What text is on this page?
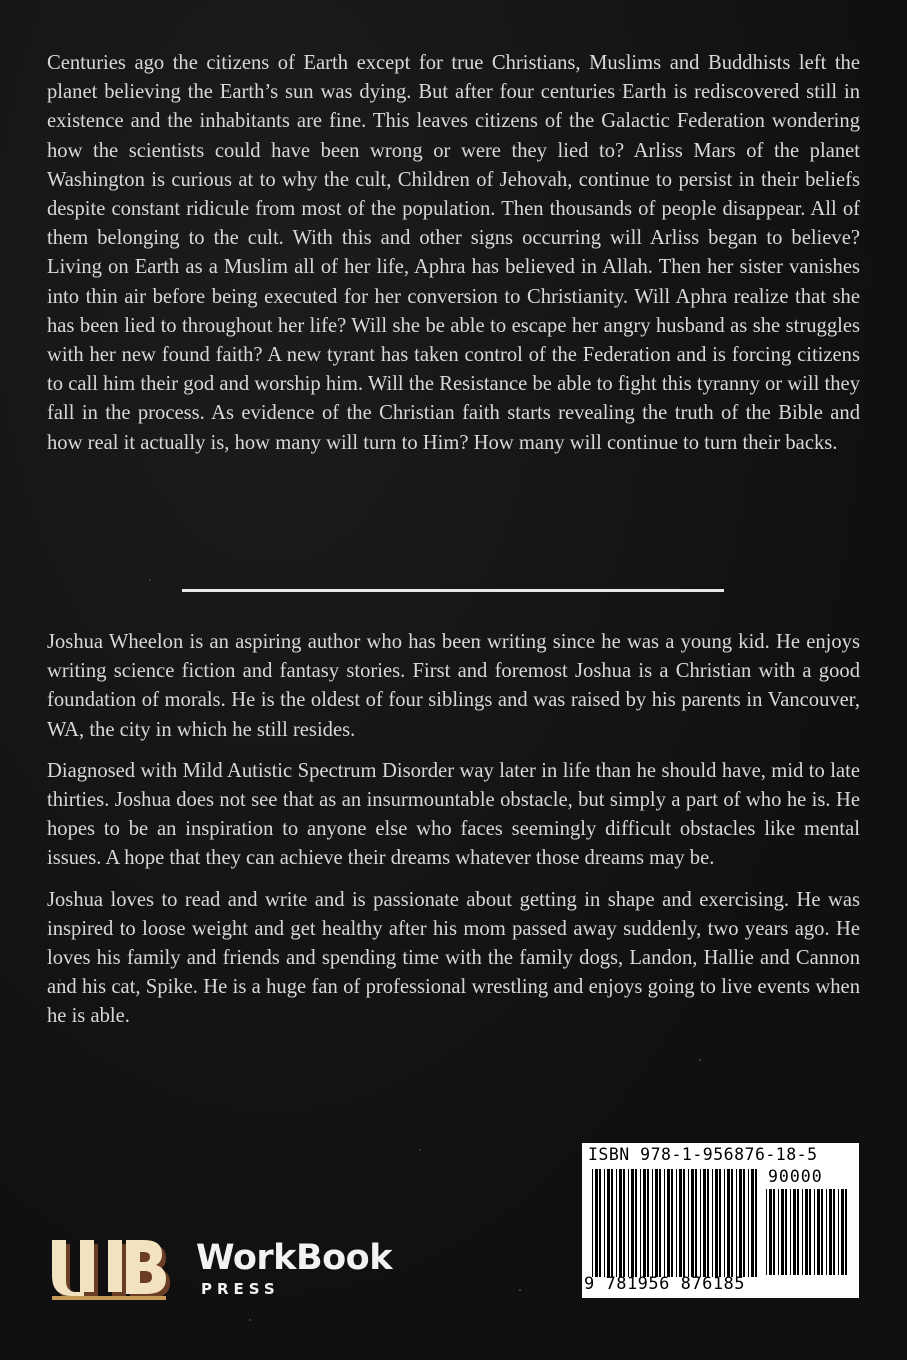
Centuries ago the citizens of Earth except for true Christians, Muslims and Buddhists left the planet believing the Earth’s sun was dying. But after four centuries Earth is rediscovered still in existence and the inhabitants are fine. This leaves citizens of the Galactic Federation wondering how the scientists could have been wrong or were they lied to? Arliss Mars of the planet Washington is curious at to why the cult, Children of Jehovah, continue to persist in their beliefs despite constant ridicule from most of the population. Then thousands of people disappear. All of them belonging to the cult. With this and other signs occurring will Arliss began to believe? Living on Earth as a Muslim all of her life, Aphra has believed in Allah. Then her sister vanishes into thin air before being executed for her conversion to Christianity. Will Aphra realize that she has been lied to throughout her life? Will she be able to escape her angry husband as she struggles with her new found faith? A new tyrant has taken control of the Federation and is forcing citizens to call him their god and worship him. Will the Resistance be able to fight this tyranny or will they fall in the process. As evidence of the Christian faith starts revealing the truth of the Bible and how real it actually is, how many will turn to Him? How many will continue to turn their backs.

Joshua Wheelon is an aspiring author who has been writing since he was a young kid. He enjoys writing science fiction and fantasy stories. First and foremost Joshua is a Christian with a good foundation of morals. He is the oldest of four siblings and was raised by his parents in Vancouver, WA, the city in which he still resides.

Diagnosed with Mild Autistic Spectrum Disorder way later in life than he should have, mid to late thirties. Joshua does not see that as an insurmountable obstacle, but simply a part of who he is. He hopes to be an inspiration to anyone else who faces seemingly difficult obstacles like mental issues. A hope that they can achieve their dreams whatever those dreams may be.

Joshua loves to read and write and is passionate about getting in shape and exercising. He was inspired to loose weight and get healthy after his mom passed away suddenly, two years ago. He loves his family and friends and spending time with the family dogs, Landon, Hallie and Cannon and his cat, Spike. He is a huge fan of professional wrestling and enjoys going to live events when he is able.

WorkBook
PRESS
ISBN 978-1-956876-18-5
90000
9 781956 876185
